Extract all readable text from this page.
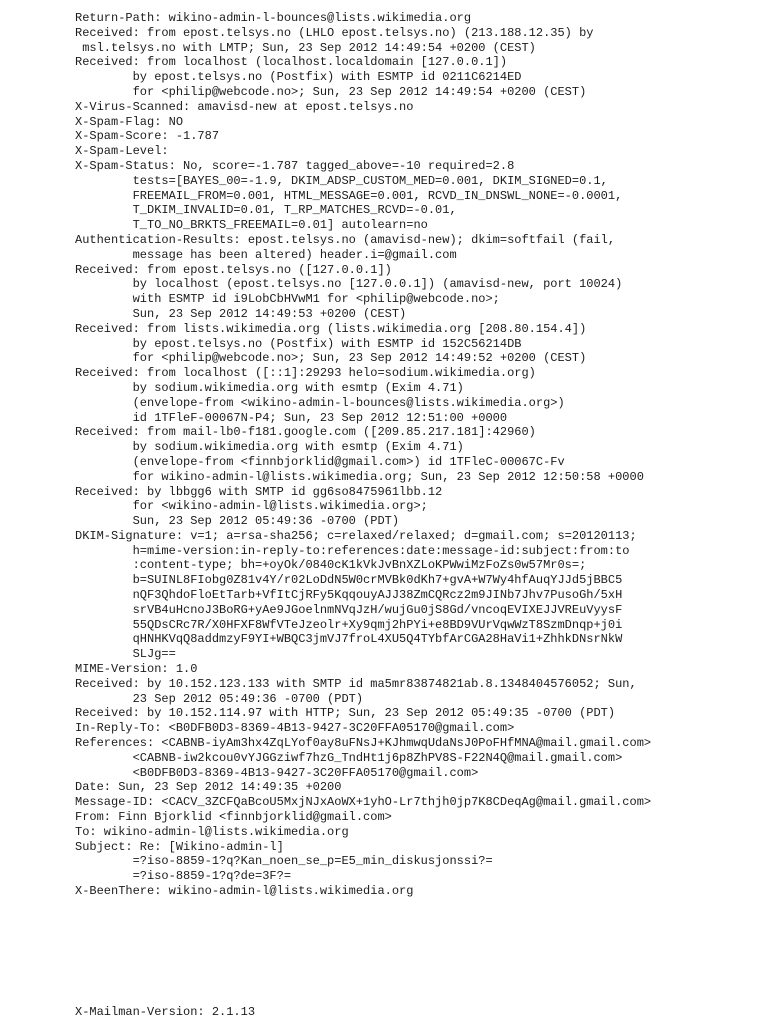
Return-Path: wikino-admin-l-bounces@lists.wikimedia.org
Received: from epost.telsys.no (LHLO epost.telsys.no) (213.188.12.35) by
msl.telsys.no with LMTP; Sun, 23 Sep 2012 14:49:54 +0200 (CEST)
Received: from localhost (localhost.localdomain [127.0.0.1])
by epost.telsys.no (Postfix) with ESMTP id 0211C6214ED
for <philip@webcode.no>; Sun, 23 Sep 2012 14:49:54 +0200 (CEST)
X-Virus-Scanned: amavisd-new at epost.telsys.no
X-Spam-Flag: NO
X-Spam-Score: -1.787
X-Spam-Level:
X-Spam-Status: No, score=-1.787 tagged_above=-10 required=2.8
tests=[BAYES_00=-1.9, DKIM_ADSP_CUSTOM_MED=0.001, DKIM_SIGNED=0.1,
FREEMAIL_FROM=0.001, HTML_MESSAGE=0.001, RCVD_IN_DNSWL_NONE=-0.0001,
T_DKIM_INVALID=0.01, T_RP_MATCHES_RCVD=-0.01,
T_TO_NO_BRKTS_FREEMAIL=0.01] autolearn=no
Authentication-Results: epost.telsys.no (amavisd-new); dkim=softfail (fail,
message has been altered) header.i=@gmail.com
Received: from epost.telsys.no ([127.0.0.1])
by localhost (epost.telsys.no [127.0.0.1]) (amavisd-new, port 10024)
with ESMTP id i9LobCbHVwM1 for <philip@webcode.no>;
Sun, 23 Sep 2012 14:49:53 +0200 (CEST)
Received: from lists.wikimedia.org (lists.wikimedia.org [208.80.154.4])
by epost.telsys.no (Postfix) with ESMTP id 152C56214DB
for <philip@webcode.no>; Sun, 23 Sep 2012 14:49:52 +0200 (CEST)
Received: from localhost ([::1]:29293 helo=sodium.wikimedia.org)
by sodium.wikimedia.org with esmtp (Exim 4.71)
(envelope-from <wikino-admin-l-bounces@lists.wikimedia.org>)
id 1TFleF-00067N-P4; Sun, 23 Sep 2012 12:51:00 +0000
Received: from mail-lb0-f181.google.com ([209.85.217.181]:42960)
by sodium.wikimedia.org with esmtp (Exim 4.71)
(envelope-from <finnbjorklid@gmail.com>) id 1TFleC-00067C-Fv
for wikino-admin-l@lists.wikimedia.org; Sun, 23 Sep 2012 12:50:58 +0000
Received: by lbbgg6 with SMTP id gg6so8475961lbb.12
for <wikino-admin-l@lists.wikimedia.org>;
Sun, 23 Sep 2012 05:49:36 -0700 (PDT)
DKIM-Signature: v=1; a=rsa-sha256; c=relaxed/relaxed; d=gmail.com; s=20120113;
h=mime-version:in-reply-to:references:date:message-id:subject:from:to
:content-type; bh=+oyOk/0840cK1kVkJvBnXZLoKPWwiMzFoZs0w57Mr0s=;
b=SUINL8FIobg0Z81v4Y/r02LoDdN5W0crMVBk0dKh7+gvA+W7Wy4hfAuqYJJd5jBBC5
nQF3QhdoFloEtTarb+VfItCjRFy5KqqouyAJJ38ZmCQRcz2m9JINb7Jhv7PusoGh/5xH
srVB4uHcnoJ3BoRG+yAe9JGoelnmNVqJzH/wujGu0jS8Gd/vncoqEVIXEJJVREuVyysF
55QDsCRc7R/X0HFXF8WfVTeJzeolr+Xy9qmj2hPYi+e8BD9VUrVqwWzT8SzmDnqp+j0i
qHNHKVqQ8addmzyF9YI+WBQC3jmVJ7froL4XU5Q4TYbfArCGA28HaVi1+ZhhkDNsrNkW
SLJg==
MIME-Version: 1.0
Received: by 10.152.123.133 with SMTP id ma5mr83874821ab.8.1348404576052; Sun,
23 Sep 2012 05:49:36 -0700 (PDT)
Received: by 10.152.114.97 with HTTP; Sun, 23 Sep 2012 05:49:35 -0700 (PDT)
In-Reply-To: <B0DFB0D3-8369-4B13-9427-3C20FFA05170@gmail.com>
References: <CABNB-iyAm3hx4ZqLYof0ay8uFNsJ+KJhmwqUdaNsJ0PoFHfMNA@mail.gmail.com>
<CABNB-iw2kcou0vYJGGziwf7hzG_TndHt1j6p8ZhPV8S-F22N4Q@mail.gmail.com>
<B0DFB0D3-8369-4B13-9427-3C20FFA05170@gmail.com>
Date: Sun, 23 Sep 2012 14:49:35 +0200
Message-ID: <CACV_3ZCFQaBcoU5MxjNJxAoWX+1yhO-Lr7thjh0jp7K8CDeqAg@mail.gmail.com>
From: Finn Bjorklid <finnbjorklid@gmail.com>
To: wikino-admin-l@lists.wikimedia.org
Subject: Re: [Wikino-admin-l]
=?iso-8859-1?q?Kan_noen_se_p=E5_min_diskusjonssi?=
=?iso-8859-1?q?de=3F?=
X-BeenThere: wikino-admin-l@lists.wikimedia.org
X-Mailman-Version: 2.1.13
